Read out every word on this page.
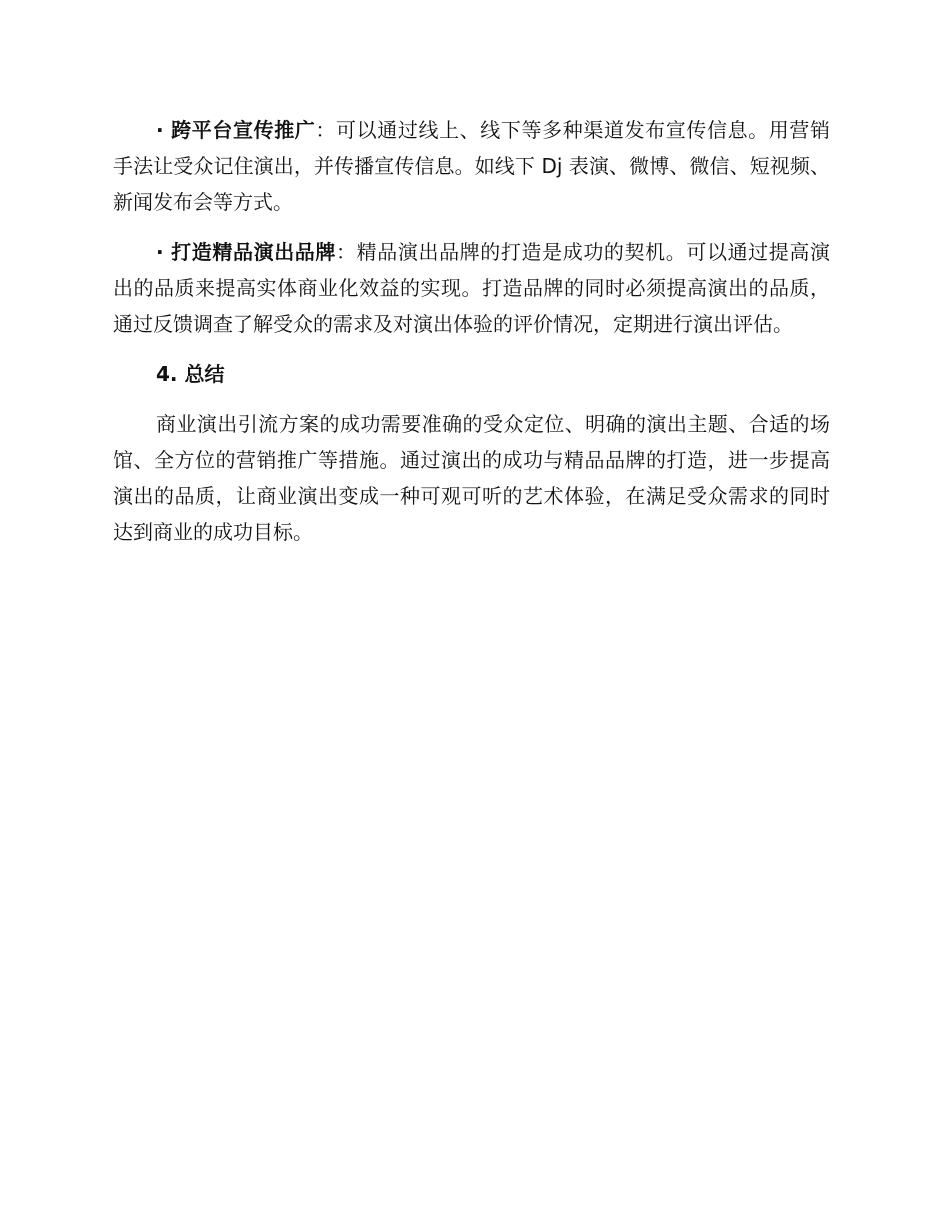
· 跨平台宣传推广：可以通过线上、线下等多种渠道发布宣传信息。用营销手法让受众记住演出，并传播宣传信息。如线下 Dj 表演、微博、微信、短视频、新闻发布会等方式。

· 打造精品演出品牌：精品演出品牌的打造是成功的契机。可以通过提高演出的品质来提高实体商业化效益的实现。打造品牌的同时必须提高演出的品质，通过反馈调查了解受众的需求及对演出体验的评价情况，定期进行演出评估。

4. 总结

商业演出引流方案的成功需要准确的受众定位、明确的演出主题、合适的场馆、全方位的营销推广等措施。通过演出的成功与精品品牌的打造，进一步提高演出的品质，让商业演出变成一种可观可听的艺术体验，在满足受众需求的同时达到商业的成功目标。
